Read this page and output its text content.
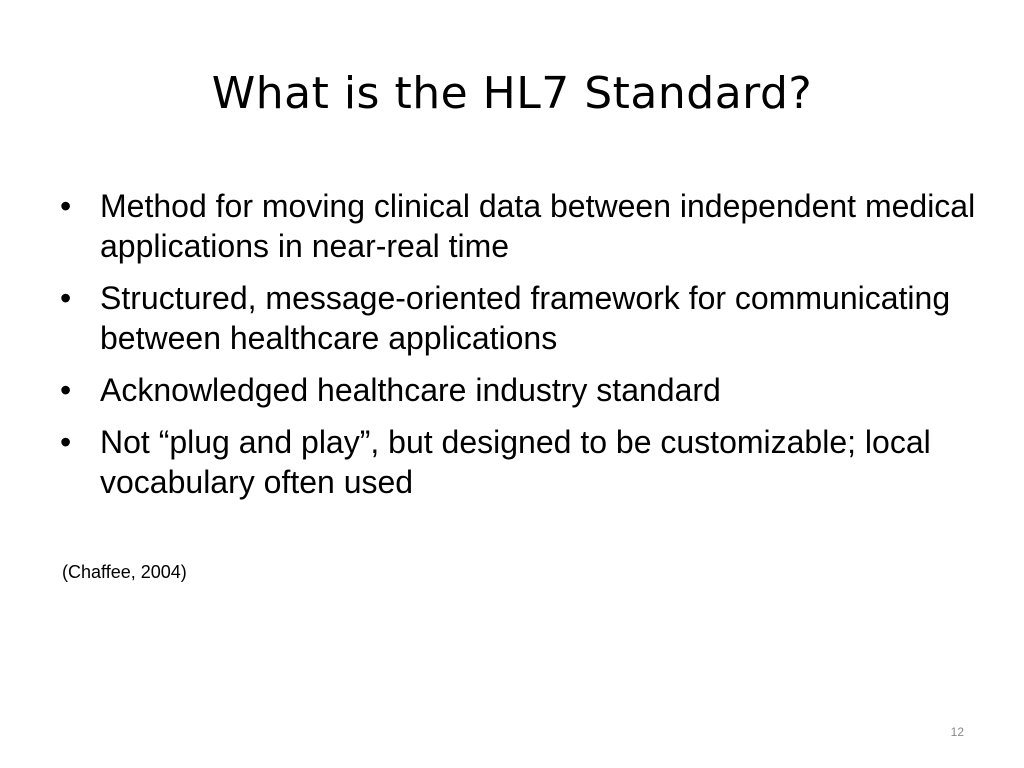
What is the HL7 Standard?
• Method for moving clinical data between independent medical applications in near-real time
• Structured, message-oriented framework for communicating between healthcare applications
• Acknowledged healthcare industry standard
• Not “plug and play”, but designed to be customizable; local vocabulary often used
(Chaffee, 2004)
12
